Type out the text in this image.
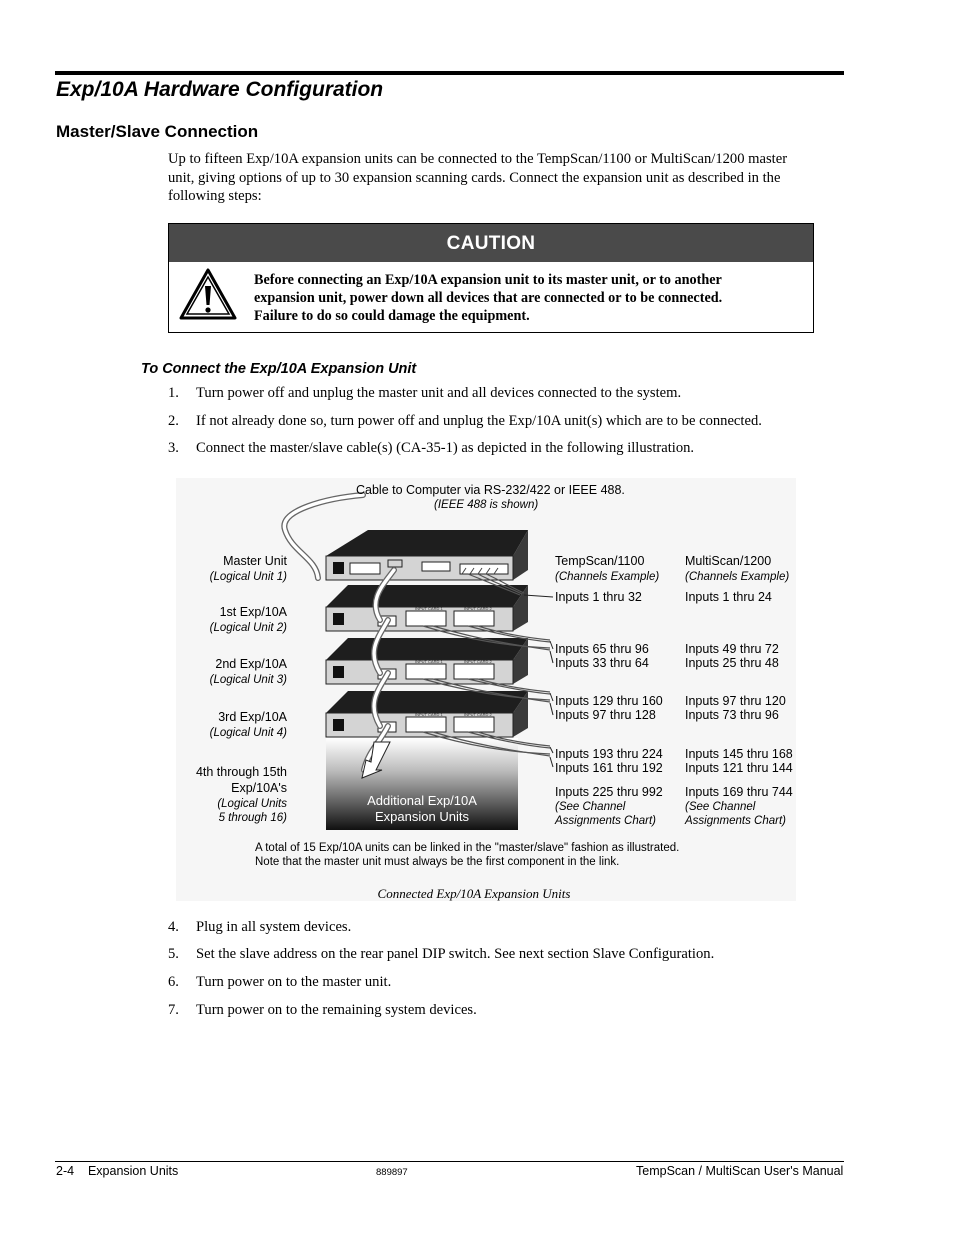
Exp/10A Hardware Configuration
Master/Slave Connection
Up to fifteen Exp/10A expansion units can be connected to the TempScan/1100 or MultiScan/1200 master
unit, giving options of up to 30 expansion scanning cards. Connect the expansion unit as described in the
following steps:
CAUTION
Before connecting an Exp/10A expansion unit to its master unit, or to another
expansion unit, power down all devices that are connected or to be connected.
Failure to do so could damage the equipment.
To Connect the Exp/10A Expansion Unit
1. Turn power off and unplug the master unit and all devices connected to the system.
2. If not already done so, turn power off and unplug the Exp/10A unit(s) which are to be connected.
3. Connect the master/slave cable(s) (CA-35-1) as depicted in the following illustration.
INPUT CARD 1	INPUT CARD 2
INPUT CARD 1	INPUT CARD 2
INPUT CARD 1	INPUT CARD 2
Cable to Computer via RS-232/422 or IEEE 488.
(IEEE 488 is shown)
TempScan/1100
(Channels Example)
MultiScan/1200
(Channels Example)
Master Unit
(Logical Unit 1)
1st Exp/10A
(Logical Unit 2)
2nd Exp/10A
(Logical Unit 3)
3rd Exp/10A
(Logical Unit 4)
4th through 15th
Exp/10A's
(Logical Units
5 through 16)
Additional Exp/10A
Expansion Units
Inputs 1 thru 32
Inputs 65 thru 96
Inputs 33 thru 64
Inputs 129 thru 160
Inputs 97 thru 128
Inputs 193 thru 224
Inputs 161 thru 192
Inputs 225 thru 992
(See Channel
Assignments Chart)
Inputs 1 thru 24
Inputs 49 thru 72
Inputs 25 thru 48
Inputs 97 thru 120
Inputs 73 thru 96
Inputs 145 thru 168
Inputs 121 thru 144
Inputs 169 thru 744
(See Channel
Assignments Chart)
A total of 15 Exp/10A units can be linked in the "master/slave" fashion as illustrated.
Note that the master unit must always be the first component in the link.
Connected Exp/10A Expansion Units
4. Plug in all system devices.
5. Set the slave address on the rear panel DIP switch. See next section Slave Configuration.
6. Turn power on to the master unit.
7. Turn power on to the remaining system devices.
2-4    Expansion Units	889897	TempScan / MultiScan User's Manual
